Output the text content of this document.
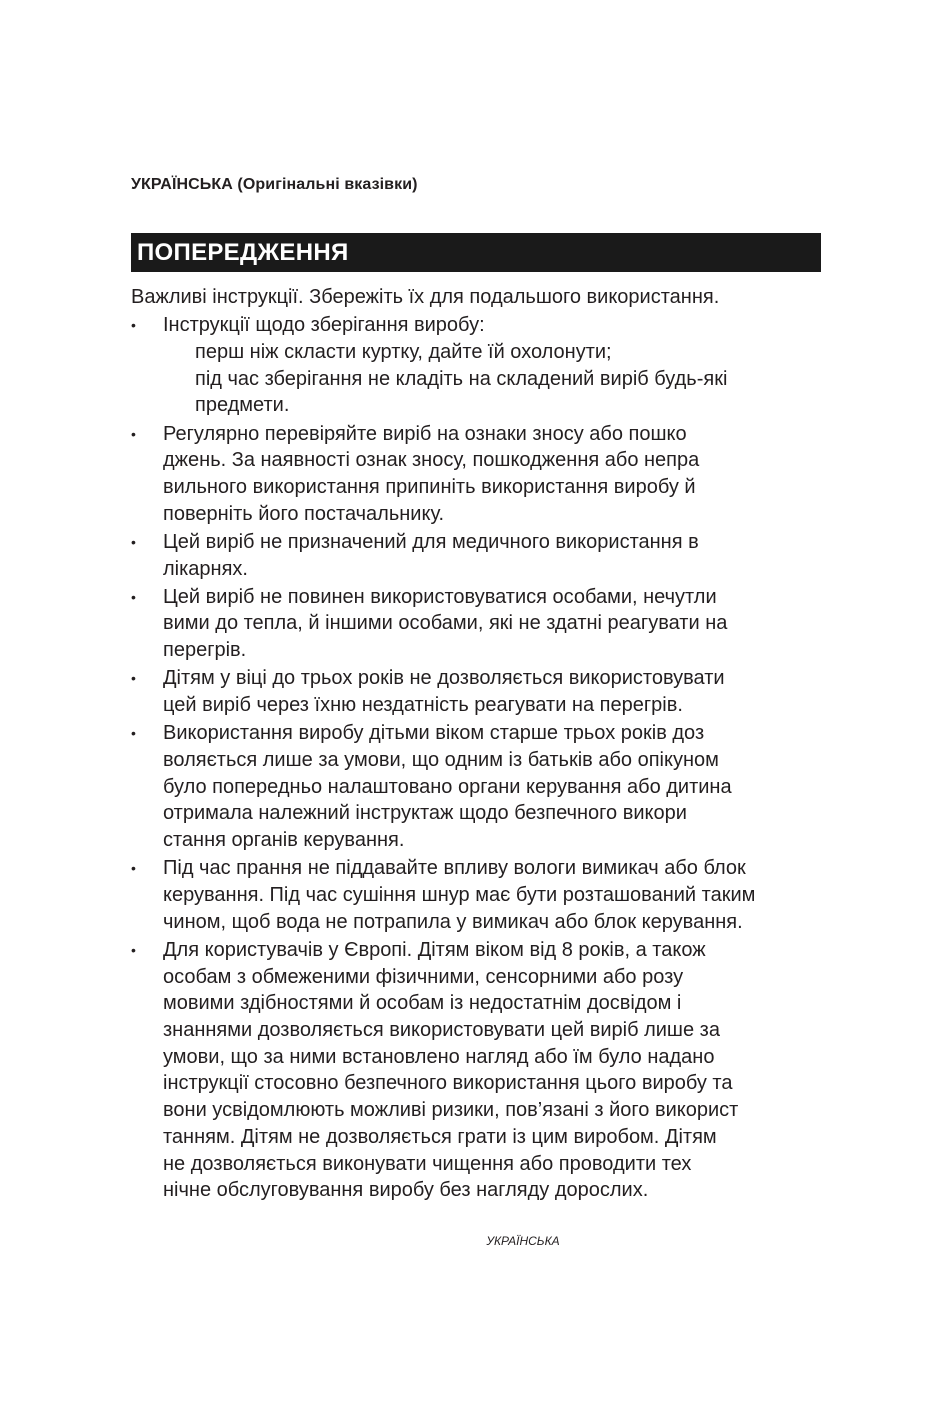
УКРАЇНСЬКА (Оригінальні вказівки)
ПОПЕРЕДЖЕННЯ

Важливі інструкції. Збережіть їх для подальшого використання.

• Інструкції щодо зберігання виробу:
перш ніж скласти куртку, дайте їй охолонути;
під час зберігання не кладіть на складений виріб будь-які
предмети.
• Регулярно перевіряйте виріб на ознаки зносу або пошко
джень. За наявності ознак зносу, пошкодження або непра
вильного використання припиніть використання виробу й
поверніть його постачальнику.
• Цей виріб не призначений для медичного використання в
лікарнях.
• Цей виріб не повинен використовуватися особами, нечутли
вими до тепла, й іншими особами, які не здатні реагувати на
перегрів.
• Дітям у віці до трьох років не дозволяється використовувати
цей виріб через їхню нездатність реагувати на перегрів.
• Використання виробу дітьми віком старше трьох років доз
воляється лише за умови, що одним із батьків або опікуном
було попередньо налаштовано органи керування або дитина
отримала належний інструктаж щодо безпечного викори
стання органів керування.
• Під час прання не піддавайте впливу вологи вимикач або блок
керування. Під час сушіння шнур має бути розташований таким
чином, щоб вода не потрапила у вимикач або блок керування.
• Для користувачів у Європі. Дітям віком від 8 років, а також
особам з обмеженими фізичними, сенсорними або розу
мовими здібностями й особам із недостатнім досвідом і
знаннями дозволяється використовувати цей виріб лише за
умови, що за ними встановлено нагляд або їм було надано
інструкції стосовно безпечного використання цього виробу та
вони усвідомлюють можливі ризики, пов’язані з його використ
танням. Дітям не дозволяється грати із цим виробом. Дітям
не дозволяється виконувати чищення або проводити тех
нічне обслуговування виробу без нагляду дорослих.
УКРАЇНСЬКА
